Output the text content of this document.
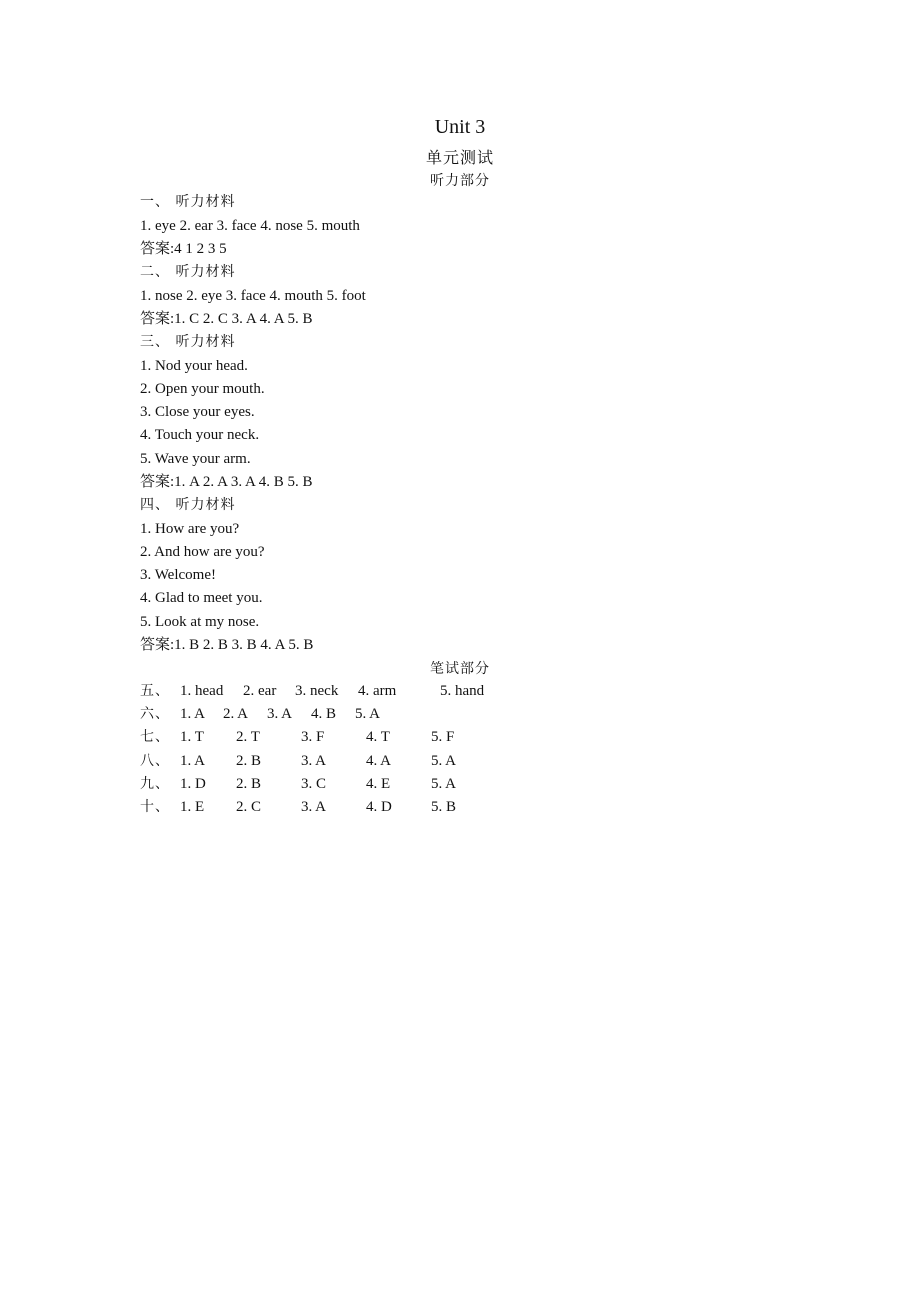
Unit 3
单元测试
听力部分
一、 听力材料
1. eye 2. ear 3. face 4. nose 5. mouth
答案:4 1 2 3 5
二、 听力材料
1. nose 2. eye 3. face 4. mouth 5. foot
答案:1. C 2. C 3. A 4. A 5. B
三、 听力材料
1. Nod your head.
2. Open your mouth.
3. Close your eyes.
4. Touch your neck.
5. Wave your arm.
答案:1. A 2. A 3. A 4. B 5. B
四、 听力材料
1. How are you?
2. And how are you?
3. Welcome!
4. Glad to meet you.
5. Look at my nose.
答案:1. B 2. B 3. B 4. A 5. B
笔试部分
五、 1. head 2. ear 3. neck 4. arm	5. hand
六、 1. A 2. A 3. A 4. B 5. A
七、 1. T 2. T	3. F	4. T	5. F
八、 1. A 2. B	3. A	4. A	5. A
九、 1. D 2. B	3. C	4. E	5. A
十、 1. E 2. C	3. A	4. D	5. B
